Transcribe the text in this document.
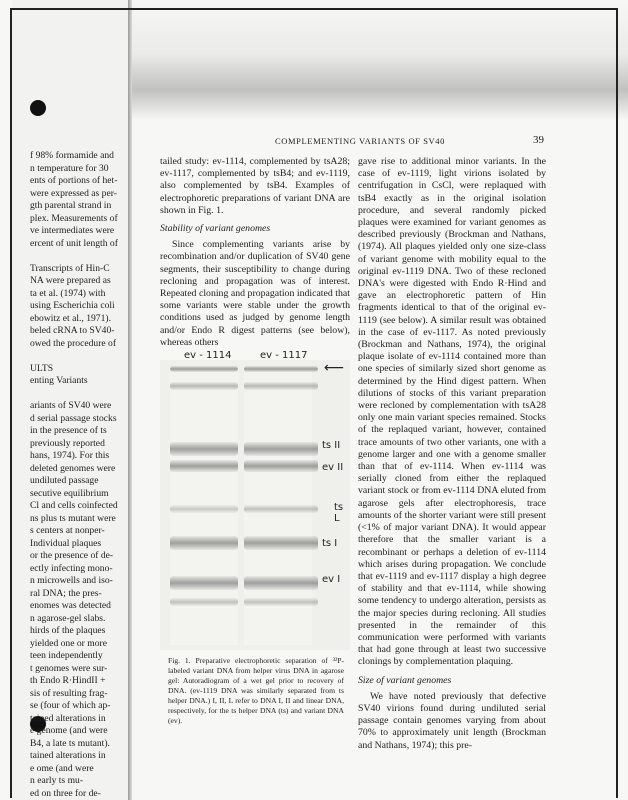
COMPLEMENTING VARIANTS OF SV40	39
f 98% formamide and
n temperature for 30
ents of portions of het-
were expressed as per-
gth parental strand in
plex. Measurements of
ve intermediates were
ercent of unit length of

Transcripts of Hin-C
NA were prepared as
ta et al. (1974) with
using Escherichia coli
ebowitz et al., 1971).
beled cRNA to SV40-
owed the procedure of

ULTS
enting Variants

ariants of SV40 were
d serial passage stocks
in the presence of ts
previously reported
hans, 1974). For this
deleted genomes were
undiluted passage
secutive equilibrium
Cl and cells coinfected
ns plus ts mutant were
s centers at nonper-
Individual plaques
or the presence of de-
ectly infecting mono-
n microwells and iso-
ral DNA; the pres-
enomes was detected
n agarose-gel slabs.
hirds of the plaques
yielded one or more
teen independently
t genomes were sur-
th Endo R·HindII +
sis of resulting frag-
se (four of which ap-
tained alterations in
e genome (and were
B4, a late ts mutant).
tained alterations in
e ome (and were
n early ts mu-
ed on three for de-

tailed study: ev-1114, complemented by tsA28; ev-1117, complemented by tsB4; and ev-1119, also complemented by tsB4. Examples of electrophoretic preparations of variant DNA are shown in Fig. 1.

Stability of variant genomes

Since complementing variants arise by recombination and/or duplication of SV40 gene segments, their susceptibility to change during recloning and propagation was of interest. Repeated cloning and propagation indicated that some variants were stable under the growth conditions used as judged by genome length and/or Endo R digest patterns (see below), whereas others

ev - 1114	ev - 1117
⟵
ts II
ev II
ts L
ts I
ev I
Fig. 1. Preparative electrophoretic separation of ³²P-labeled variant DNA from helper virus DNA in agarose gel: Autoradiogram of a wet gel prior to recovery of DNA. (ev-1119 DNA was similarly separated from ts helper DNA.) I, II, L refer to DNA I, II and linear DNA, respectively, for the ts helper DNA (ts) and variant DNA (ev).

gave rise to additional minor variants. In the case of ev-1119, light virions isolated by centrifugation in CsCl, were replaqued with tsB4 exactly as in the original isolation procedure, and several randomly picked plaques were examined for variant genomes as described previously (Brockman and Nathans, (1974). All plaques yielded only one size-class of variant genome with mobility equal to the original ev-1119 DNA. Two of these recloned DNA's were digested with Endo R·Hind and gave an electrophoretic pattern of Hin fragments identical to that of the original ev-1119 (see below). A similar result was obtained in the case of ev-1117. As noted previously (Brockman and Nathans, 1974), the original plaque isolate of ev-1114 contained more than one species of similarly sized short genome as determined by the Hind digest pattern. When dilutions of stocks of this variant preparation were recloned by complementation with tsA28 only one main variant species remained. Stocks of the replaqued variant, however, contained trace amounts of two other variants, one with a genome larger and one with a genome smaller than that of ev-1114. When ev-1114 was serially cloned from either the replaqued variant stock or from ev-1114 DNA eluted from agarose gels after electrophoresis, trace amounts of the shorter variant were still present (<1% of major variant DNA). It would appear therefore that the smaller variant is a recombinant or perhaps a deletion of ev-1114 which arises during propagation. We conclude that ev-1119 and ev-1117 display a high degree of stability and that ev-1114, while showing some tendency to undergo alteration, persists as the major species during recloning. All studies presented in the remainder of this communication were performed with variants that had gone through at least two successive clonings by complementation plaquing.

Size of variant genomes

We have noted previously that defective SV40 virions found during undiluted serial passage contain genomes varying from about 70% to approximately unit length (Brockman and Nathans, 1974); this pre-
